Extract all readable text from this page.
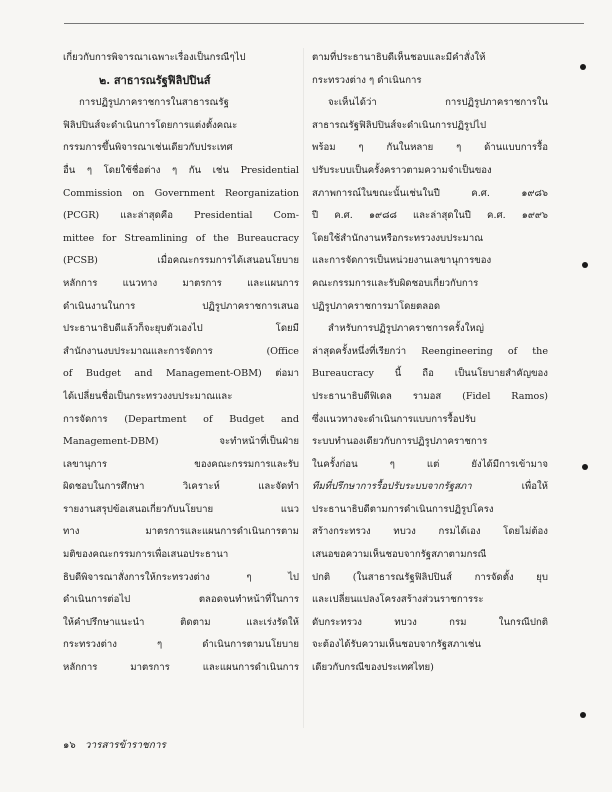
เกี่ยวกับการพิจารณาเฉพาะเรื่องเป็นกรณีๆไป
๒. สาธารณรัฐฟิลิปปินส์
การปฏิรูปภาคราชการในสาธารณรัฐ
ฟิลิปปินส์จะดำเนินการโดยการแต่งตั้งคณะ
กรรมการขึ้นพิจารณาเช่นเดียวกับประเทศ
อื่น ๆ โดยใช้ชื่อต่าง ๆ กัน เช่น Presidential
Commission on Government Reorganization
(PCGR) และล่าสุดคือ Presidential Com-
mittee for Streamlining of the Bureaucracy
(PCSB) เมื่อคณะกรรมการได้เสนอนโยบาย
หลักการ แนวทาง มาตรการ และแผนการ
ดำเนินงานในการ ปฏิรูปภาคราชการเสนอ
ประธานาธิบดีแล้วก็จะยุบตัวเองไป โดยมี
สำนักงานงบประมาณและการจัดการ (Office
of Budget and Management-OBM) ต่อมา
ได้เปลี่ยนชื่อเป็นกระทรวงงบประมาณและ
การจัดการ (Department of Budget and
Management-DBM) จะทำหน้าที่เป็นฝ่าย
เลขานุการ ของคณะกรรมการและรับ
ผิดชอบในการศึกษา วิเคราะห์ และจัดทำ
รายงานสรุปข้อเสนอเกี่ยวกับนโยบาย แนว
ทาง มาตรการและแผนการดำเนินการตาม
มติของคณะกรรมการเพื่อเสนอประธานา
ธิบดีพิจารณาสั่งการให้กระทรวงต่าง ๆ ไป
ดำเนินการต่อไป ตลอดจนทำหน้าที่ในการ
ให้คำปรึกษาแนะนำ ติดตาม และเร่งรัดให้
กระทรวงต่าง ๆ ดำเนินการตามนโยบาย
หลักการ มาตรการ และแผนการดำเนินการ
ตามที่ประธานาธิบดีเห็นชอบและมีคำสั่งให้
กระทรวงต่าง ๆ ดำเนินการ
จะเห็นได้ว่า การปฏิรูปภาคราชการใน
สาธารณรัฐฟิลิปปินส์จะดำเนินการปฏิรูปไป
พร้อม ๆ กันในหลาย ๆ ด้านแบบการรื้อ
ปรับระบบเป็นครั้งคราวตามความจำเป็นของ
สภาพการณ์ในขณะนั้นเช่นในปี ค.ศ. ๑๙๘๖
ปี ค.ศ. ๑๙๘๘ และล่าสุดในปี ค.ศ. ๑๙๙๖
โดยใช้สำนักงานหรือกระทรวงงบประมาณ
และการจัดการเป็นหน่วยงานเลขานุการของ
คณะกรรมการและรับผิดชอบเกี่ยวกับการ
ปฏิรูปภาคราชการมาโดยตลอด
สำหรับการปฏิรูปภาคราชการครั้งใหญ่
ล่าสุดครั้งหนึ่งที่เรียกว่า Reengineering of the
Bureaucracy นี้ ถือ เป็นนโยบายสำคัญของ
ประธานาธิบดีฟิเดล รามอส (Fidel Ramos)
ซึ่งแนวทางจะดำเนินการแบบการรื้อปรับ
ระบบทำนองเดียวกับการปฏิรูปภาคราชการ
ในครั้งก่อน ๆ แต่ ยังได้มีการเข้ามาจ
ทีมที่ปรึกษาการรื้อปรับระบบจากรัฐสภา	เพื่อให้
ประธานาธิบดีตามการดำเนินการปฏิรูปโครง
สร้างกระทรวง ทบวง กรมได้เอง โดยไม่ต้อง
เสนอขอความเห็นชอบจากรัฐสภาตามกรณี
ปกติ (ในสาธารณรัฐฟิลิปปินส์ การจัดตั้ง ยุบ
และเปลี่ยนแปลงโครงสร้างส่วนราชการระ
ดับกระทรวง ทบวง กรม ในกรณีปกติ
จะต้องได้รับความเห็นชอบจากรัฐสภาเช่น
เดียวกับกรณีของประเทศไทย)
๑๖ วารสารข้าราชการ
